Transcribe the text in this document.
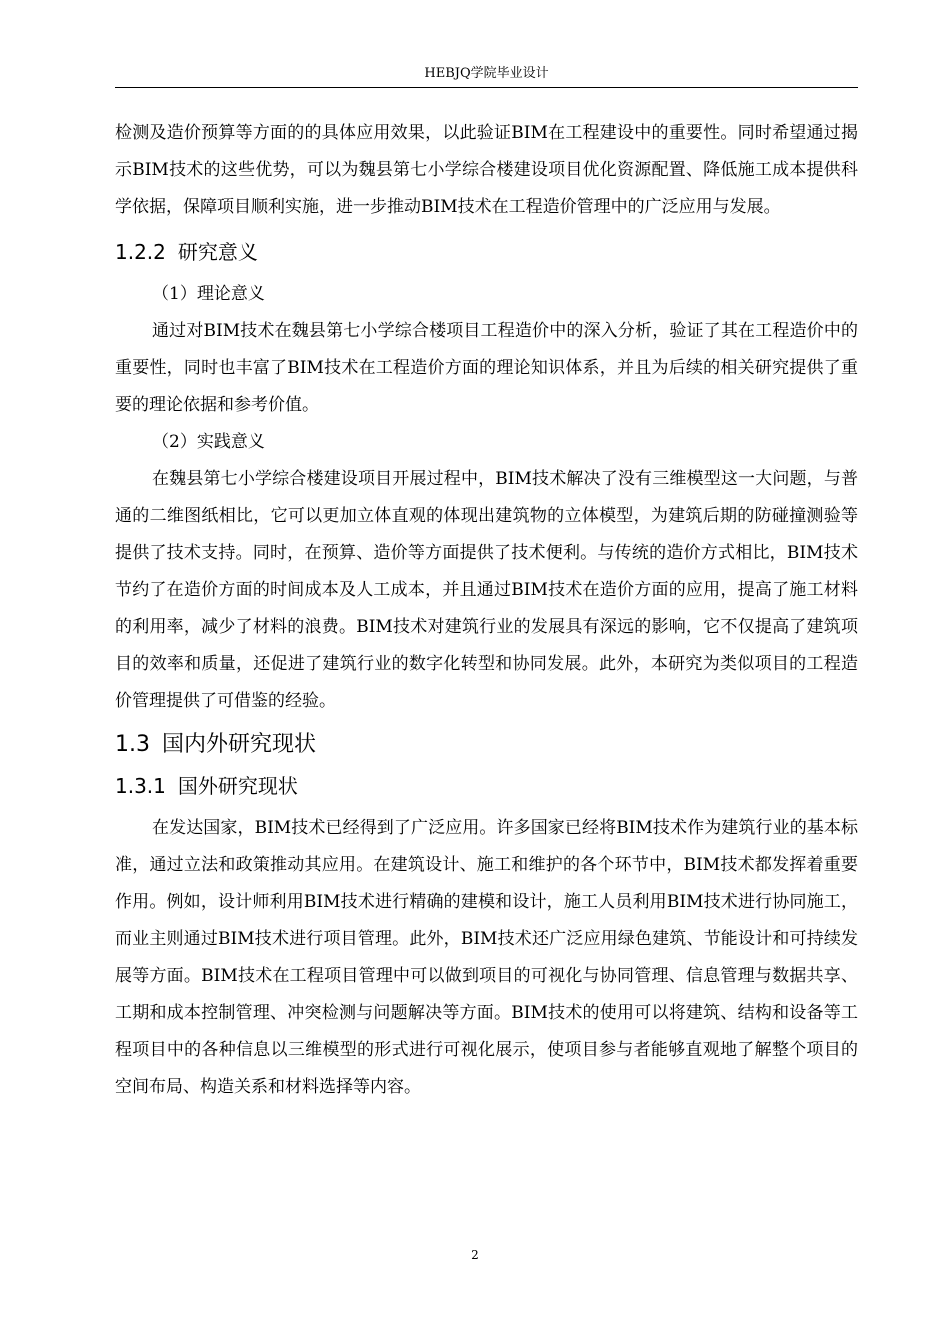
HEBJQ学院毕业设计

检测及造价预算等方面的的具体应用效果，以此验证BIM在工程建设中的重要性。同时希望通过揭示BIM技术的这些优势，可以为魏县第七小学综合楼建设项目优化资源配置、降低施工成本提供科学依据，保障项目顺利实施，进一步推动BIM技术在工程造价管理中的广泛应用与发展。

1.2.2 研究意义

（1）理论意义

通过对BIM技术在魏县第七小学综合楼项目工程造价中的深入分析，验证了其在工程造价中的重要性，同时也丰富了BIM技术在工程造价方面的理论知识体系，并且为后续的相关研究提供了重要的理论依据和参考价值。

（2）实践意义

在魏县第七小学综合楼建设项目开展过程中，BIM技术解决了没有三维模型这一大问题，与普通的二维图纸相比，它可以更加立体直观的体现出建筑物的立体模型，为建筑后期的防碰撞测验等提供了技术支持。同时，在预算、造价等方面提供了技术便利。与传统的造价方式相比，BIM技术节约了在造价方面的时间成本及人工成本，并且通过BIM技术在造价方面的应用，提高了施工材料的利用率，减少了材料的浪费。BIM技术对建筑行业的发展具有深远的影响，它不仅提高了建筑项目的效率和质量，还促进了建筑行业的数字化转型和协同发展。此外，本研究为类似项目的工程造价管理提供了可借鉴的经验。

1.3 国内外研究现状
1.3.1 国外研究现状

在发达国家，BIM技术已经得到了广泛应用。许多国家已经将BIM技术作为建筑行业的基本标准，通过立法和政策推动其应用。在建筑设计、施工和维护的各个环节中，BIM技术都发挥着重要作用。例如，设计师利用BIM技术进行精确的建模和设计，施工人员利用BIM技术进行协同施工，而业主则通过BIM技术进行项目管理。此外，BIM技术还广泛应用绿色建筑、节能设计和可持续发展等方面。BIM技术在工程项目管理中可以做到项目的可视化与协同管理、信息管理与数据共享、工期和成本控制管理、冲突检测与问题解决等方面。BIM技术的使用可以将建筑、结构和设备等工程项目中的各种信息以三维模型的形式进行可视化展示，使项目参与者能够直观地了解整个项目的空间布局、构造关系和材料选择等内容。

2
